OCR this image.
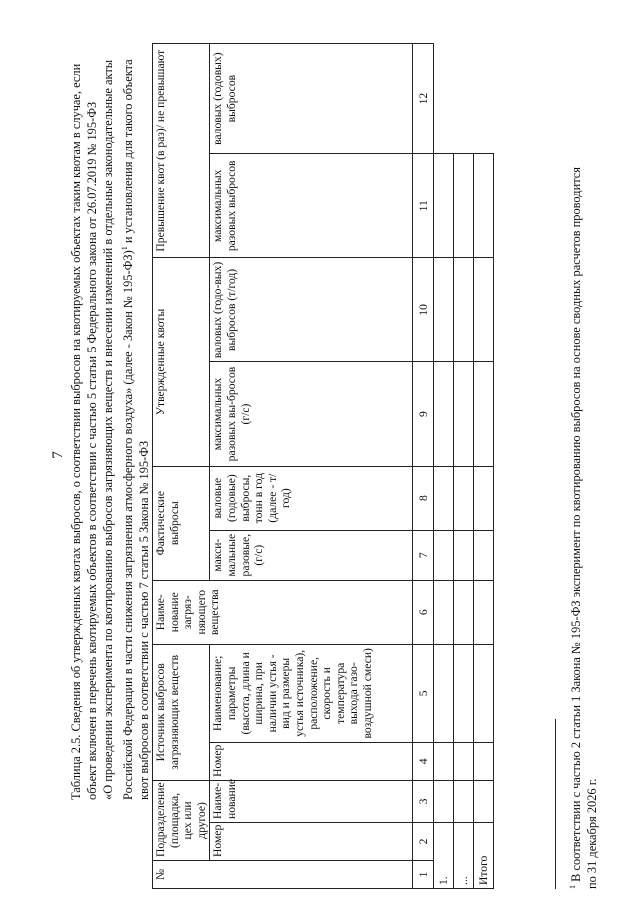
7 Таблица 2.5. Сведения об утвержденных квотах выбросов, о соответствии выбросов на квотируемых объектах таким квотам в случае, если объект включен в перечень квотируемых объектов в соответствии с частью 5 статьи 5 Федерального закона от 26.07.2019 № 195-ФЗ «О проведении эксперимента по квотированию выбросов загрязняющих веществ и внесении изменений в отдельные законодательные акты Российской Федерации в части снижения загрязнения атмосферного воздуха» (далее - Закон № 195-ФЗ)$^1$ и установления для такого объекта

квот выбросов в соответствии с частью 7 статьи 5 Закона № 195-ФЗ

№	Подразделение (площадка, цех или другое)		Источник выбросов загрязняющих веществ		Наиме-нование загряз-няющего вещества	Фактические выбросы		Утвержденные квоты		Превышение квот (в раз)/ не превышают	
	Номер	Наиме-нование	Номер	Наименование; параметры (высота, длина и ширина, при наличии устья - вид и размеры устья источника), расположение, скорость и температура выхода газо-воздушной смеси)		макси-мальные разовые, (г/с)	валовые (годовые) выбросы, тонн в год (далее - т/год)	максимальных разовых вы-бросов (г/с)	валовых (годо-вых) выбросов (т/год)	максимальных разовых выбросов	валовых (годовых) выбросов
1	2	3	4	5	6	7	8	9	10	11	12
1.											
...											
Итого											

$^1$ В соответствии с частью 2 статьи 1 Закона № 195-ФЗ эксперимент по квотированию выбросов на основе сводных расчетов проводится по 31 декабря 2026 г.
